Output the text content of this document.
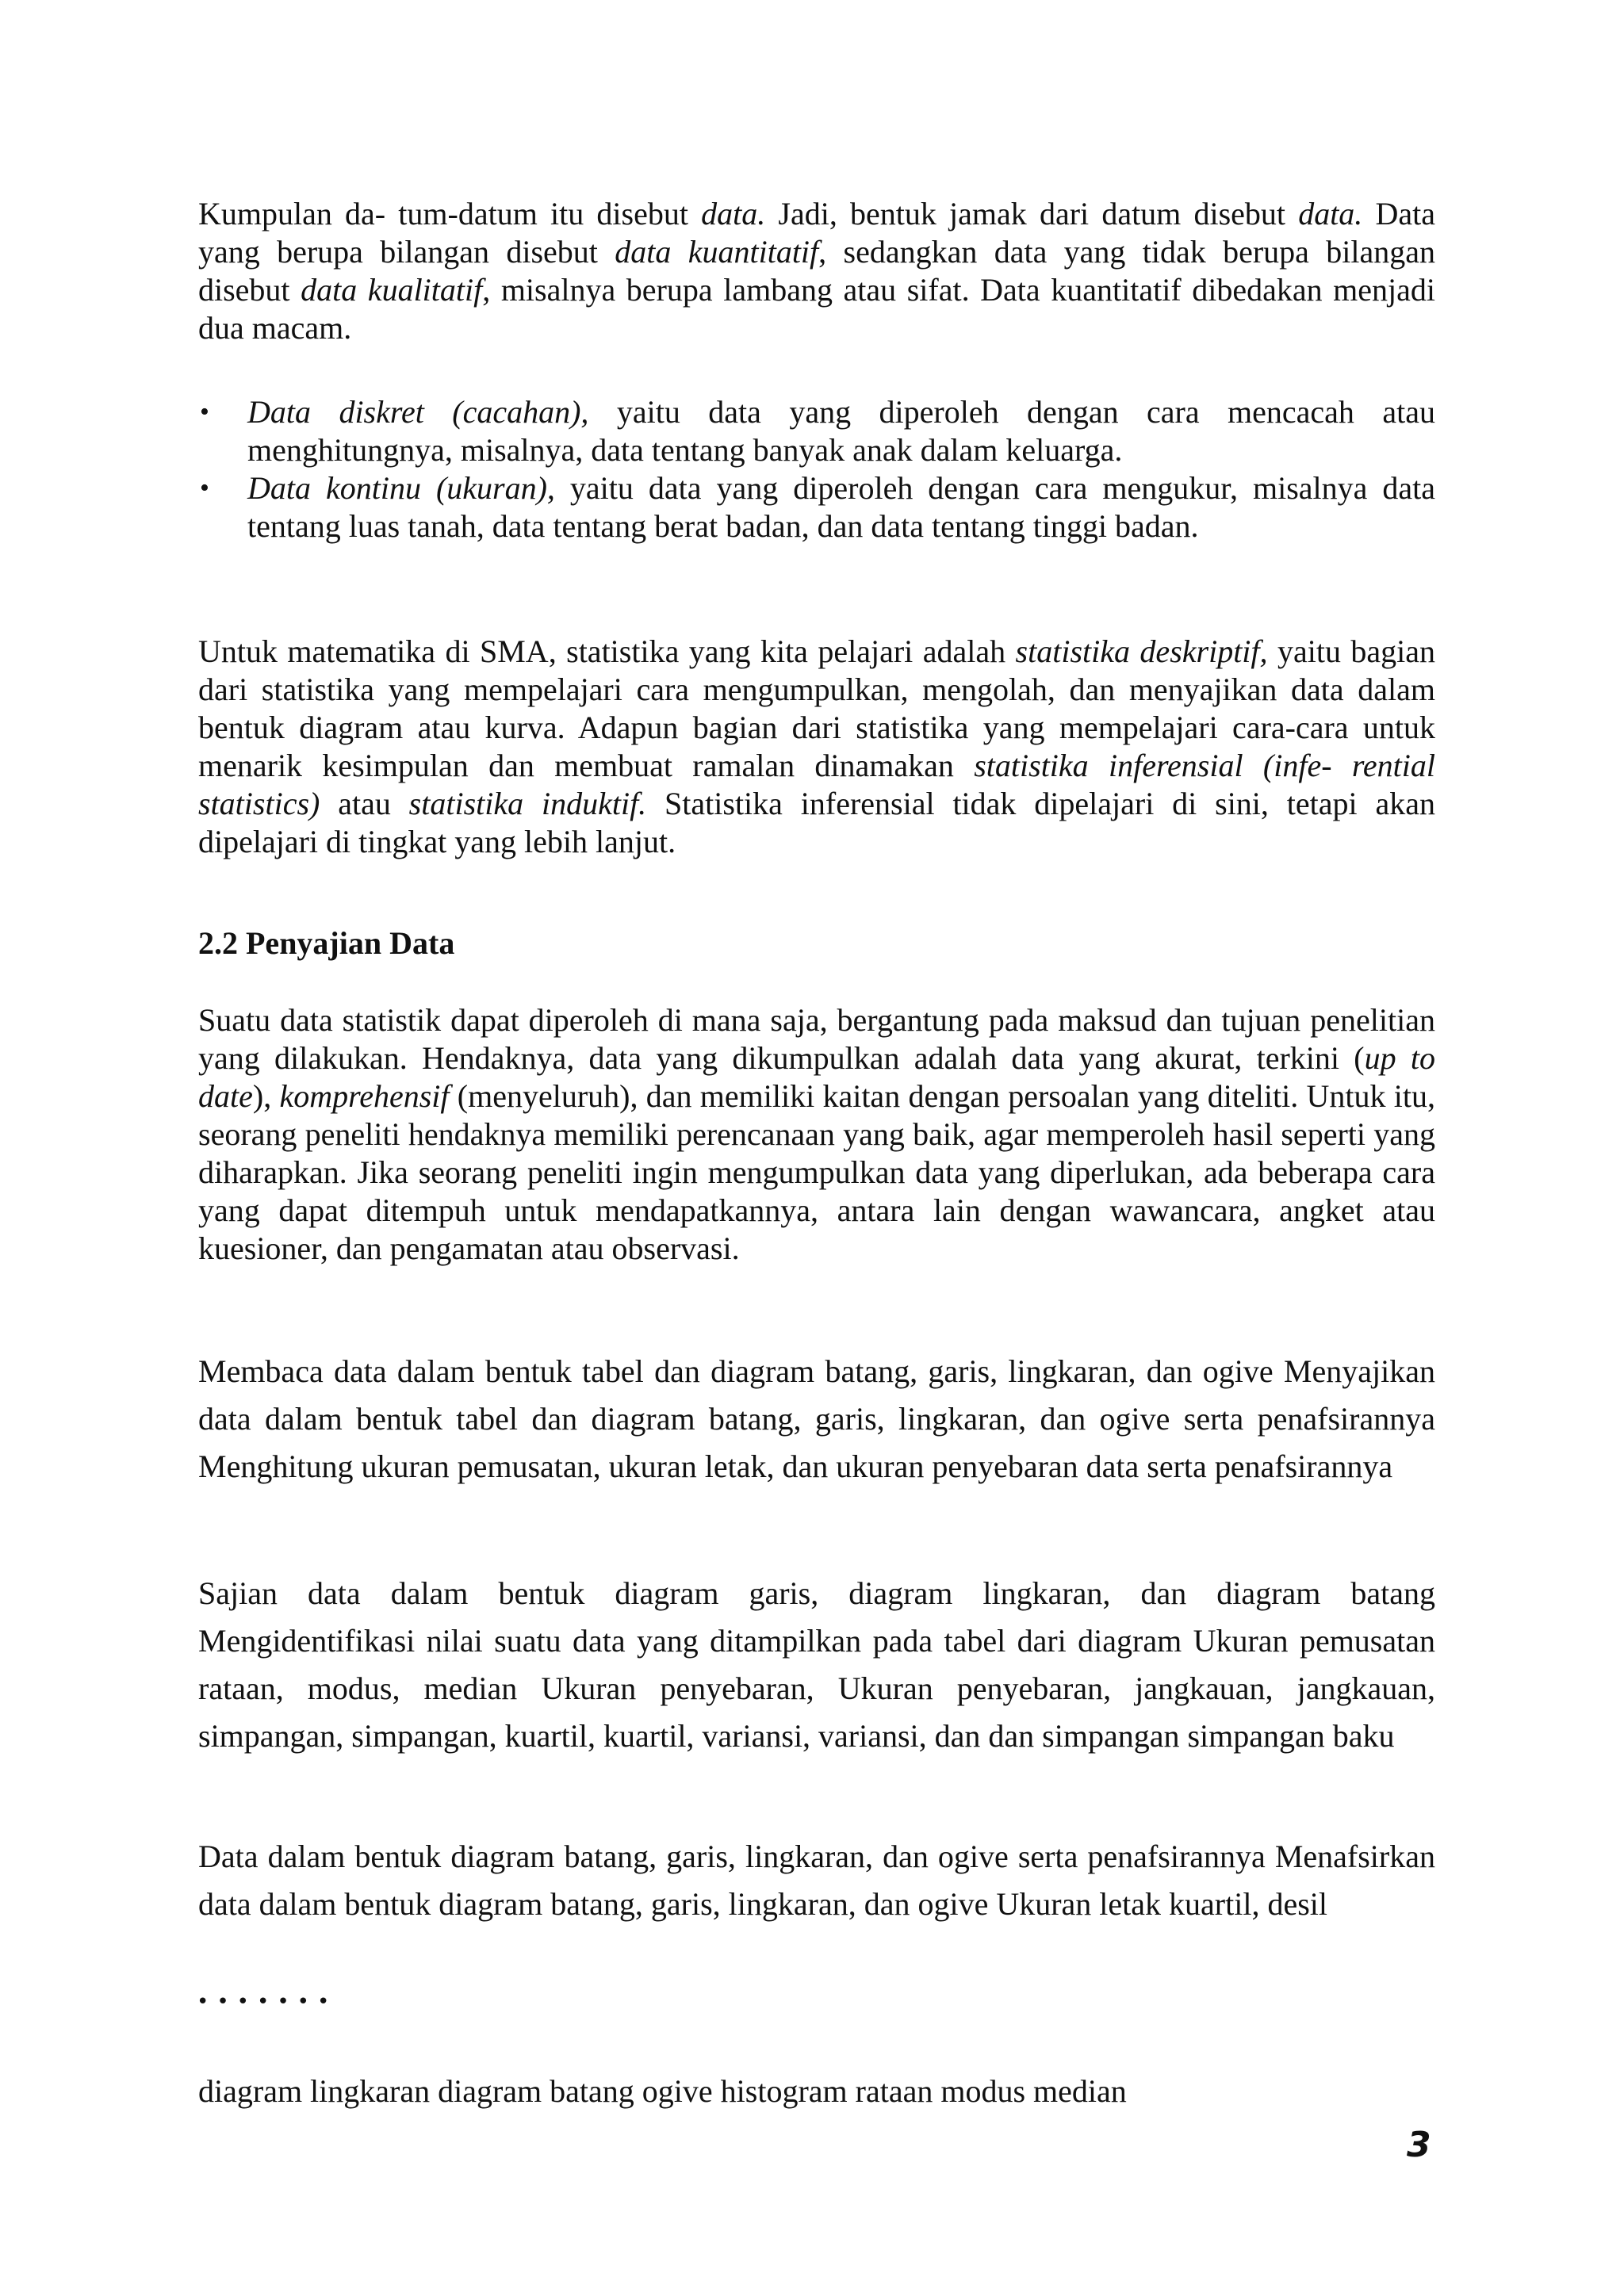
Kumpulan da- tum-datum itu disebut data. Jadi, bentuk jamak dari datum disebut data. Data yang berupa bilangan disebut data kuantitatif, sedangkan data yang tidak berupa bilangan disebut data kualitatif, misalnya berupa lambang atau sifat. Data kuantitatif dibedakan menjadi dua macam.

• Data diskret (cacahan), yaitu data yang diperoleh dengan cara mencacah atau menghitungnya, misalnya, data tentang banyak anak dalam keluarga.
• Data kontinu (ukuran), yaitu data yang diperoleh dengan cara mengukur, misalnya data tentang luas tanah, data tentang berat badan, dan data tentang tinggi badan.

Untuk matematika di SMA, statistika yang kita pelajari adalah statistika deskriptif, yaitu bagian dari statistika yang mempelajari cara mengumpulkan, mengolah, dan menyajikan data dalam bentuk diagram atau kurva. Adapun bagian dari statistika yang mempelajari cara-cara untuk menarik kesimpulan dan membuat ramalan dinamakan statistika inferensial (infe- rential statistics) atau statistika induktif. Statistika inferensial tidak dipelajari di sini, tetapi akan dipelajari di tingkat yang lebih lanjut.

2.2 Penyajian Data

Suatu data statistik dapat diperoleh di mana saja, bergantung pada maksud dan tujuan penelitian yang dilakukan. Hendaknya, data yang dikumpulkan adalah data yang akurat, terkini (up to date), komprehensif (menyeluruh), dan memiliki kaitan dengan persoalan yang diteliti. Untuk itu, seorang peneliti hendaknya memiliki perencanaan yang baik, agar memperoleh hasil seperti yang diharapkan. Jika seorang peneliti ingin mengumpulkan data yang diperlukan, ada beberapa cara yang dapat ditempuh untuk mendapatkannya, antara lain dengan wawancara, angket atau kuesioner, dan pengamatan atau observasi.

Membaca data dalam bentuk tabel dan diagram batang, garis, lingkaran, dan ogive Menyajikan data dalam bentuk tabel dan diagram batang, garis, lingkaran, dan ogive serta penafsirannya Menghitung ukuran pemusatan, ukuran letak, dan ukuran penyebaran data serta penafsirannya

Sajian data dalam bentuk diagram garis, diagram lingkaran, dan diagram batang Mengidentifikasi nilai suatu data yang ditampilkan pada tabel dari diagram Ukuran pemusatan rataan, modus, median Ukuran penyebaran, Ukuran penyebaran, jangkauan, jangkauan, simpangan, simpangan, kuartil, kuartil, variansi, variansi, dan dan simpangan simpangan baku

Data dalam bentuk diagram batang, garis, lingkaran, dan ogive serta penafsirannya Menafsirkan data dalam bentuk diagram batang, garis, lingkaran, dan ogive Ukuran letak kuartil, desil

•••••••

diagram lingkaran diagram batang ogive histogram rataan modus median

3
